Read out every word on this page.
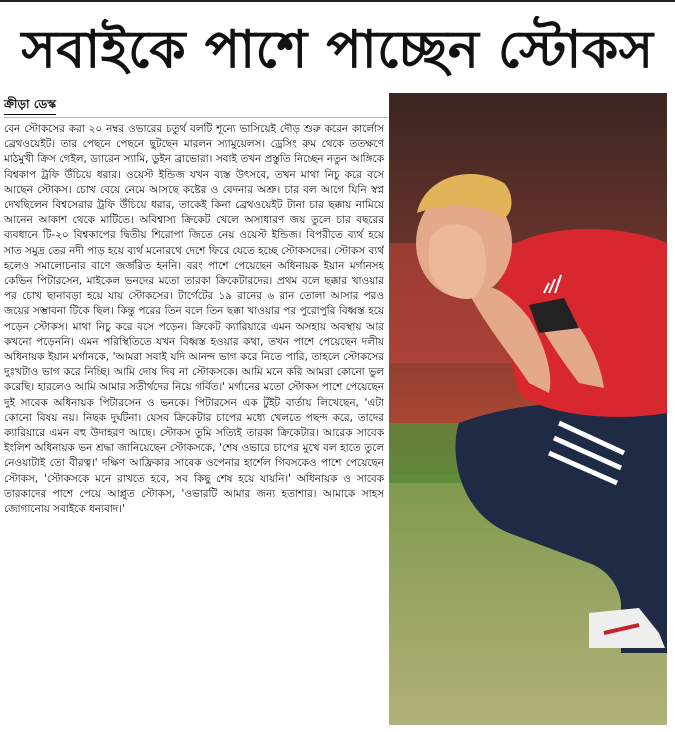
সবাইকে পাশে পাচ্ছেন স্টোকস
ক্রীড়া ডেস্ক

বেন স্টোকসের করা ২০ নম্বর ওভারের চতুর্থ বলটি শূন্যে ভাসিয়েই দৌড় শুরু করেন কার্লোস ব্রেথওয়েইট। তার পেছনে পেছনে ছুটছেন মারলন স্যামুয়েলস। ড্রেসিং রুম থেকে ততক্ষণে মাঠমুখী ক্রিস গেইল, ড্যারেন স্যামি, ডুইন ব্রাভোরা। সবাই তখন প্রস্তুতি নিচ্ছেন নতুন আঙ্গিকে বিশ্বকাপ ট্রফি উঁচিয়ে ধরার। ওয়েস্ট ইন্ডিজ যখন ব্যস্ত উৎসবে, তখন মাথা নিচু করে বসে আছেন স্টোকস। চোখ বেয়ে নেমে আসছে কষ্টের ও বেদনার অশ্রু। চার বল আগে যিনি স্বপ্ন দেখছিলেন বিশ্বসেরার ট্রফি উঁচিয়ে ধরার, তাকেই কিনা ব্রেথওয়েইট টানা চার ছক্কায় নামিয়ে আনেন আকাশ থেকে মাটিতে। অবিশ্বাস্য ক্রিকেট খেলে অসাধারণ জয় তুলে চার বছরের ব্যবধানে টি-২০ বিশ্বকাপের দ্বিতীয় শিরোপা জিতে নেয় ওয়েস্ট ইন্ডিজ। বিপরীতে ব্যর্থ হয়ে সাত সমুদ্র তের নদী পাড় হয়ে ব্যর্থ মনোরথে দেশে ফিরে যেতে হচ্ছে স্টোকসদের। স্টোকস ব্যর্থ হলেও সমালোচনার বাণে জর্জরিত হননি। বরং পাশে পেয়েছেন অধিনায়ক ইয়ান মর্গানসহ কেভিন পিটারসেন, মাইকেল ভনদের মতো তারকা ক্রিকেটারদের। প্রথম বলে ছক্কার খাওয়ার পর চোখ ছানাবড়া হয়ে যায় স্টোকসের। টার্গেটের ১৯ রানের ৬ রান তোলা আসার পরও জয়ের সম্ভাবনা টিকে ছিল। কিন্তু পরের তিন বলে তিন ছক্কা খাওয়ার পর পুরোপুরি বিধ্বস্ত হয়ে পড়েন স্টোকস। মাথা নিচু করে বসে পড়েন। ক্রিকেট ক্যারিয়ারে এমন অসহায় অবস্থায় আর কখনো পড়েননি। এমন পরিস্থিতিতে যখন বিধ্বস্ত হওয়ার কথা, তখন পাশে পেয়েছেন দলীয় অধিনায়ক ইয়ান মর্গানকে, 'আমরা সবাই যদি আনন্দ ভাগ করে নিতে পারি, তাহলে স্টোকসের দুঃখটাও ভাগ করে নিচ্ছি। আমি দোষ দিব না স্টোকসকে। আমি মনে করি আমরা কোনো ভুল করেছি। হারলেও আমি আমার সতীর্থদের নিয়ে গর্বিত।' মর্গানের মতো স্টোকস পাশে পেয়েছেন দুই সাবেক অধিনায়ক পিটারসেন ও ভনকে। পিটারসেন এক টুইট বার্তায় লিখেছেন, 'এটা কোনো বিষয় নয়। নিছক দুর্ঘটনা। যেসব ক্রিকেটার চাপের মধ্যে খেলতে পছন্দ করে, তাদের ক্যারিয়ারে এমন বহু উদাহরণ আছে। স্টোকস তুমি সত্যিই তারকা ক্রিকেটার। আরেক সাবেক ইংলিশ অধিনায়ক ভন শ্রদ্ধা জানিয়েছেন স্টোকসকে, 'শেষ ওভারে চাপের মুখে বল হাতে তুলে নেওয়াটাই তো বীরত্ব।' দক্ষিণ আফ্রিকার সাবেক ওপেনার হার্শেল গিবসকেও পাশে পেয়েছেন স্টোকস, 'স্টোকসকে মনে রাখতে হবে, সব কিছু শেষ হয়ে যায়নি।' অধিনায়ক ও সাবেক তারকাদের পাশে পেয়ে আপ্লুত স্টোকস, 'ওভারটি আমার জন্য হতাশার। আমাকে সাহস জোগানোয় সবাইকে ধন্যবাদ।'
